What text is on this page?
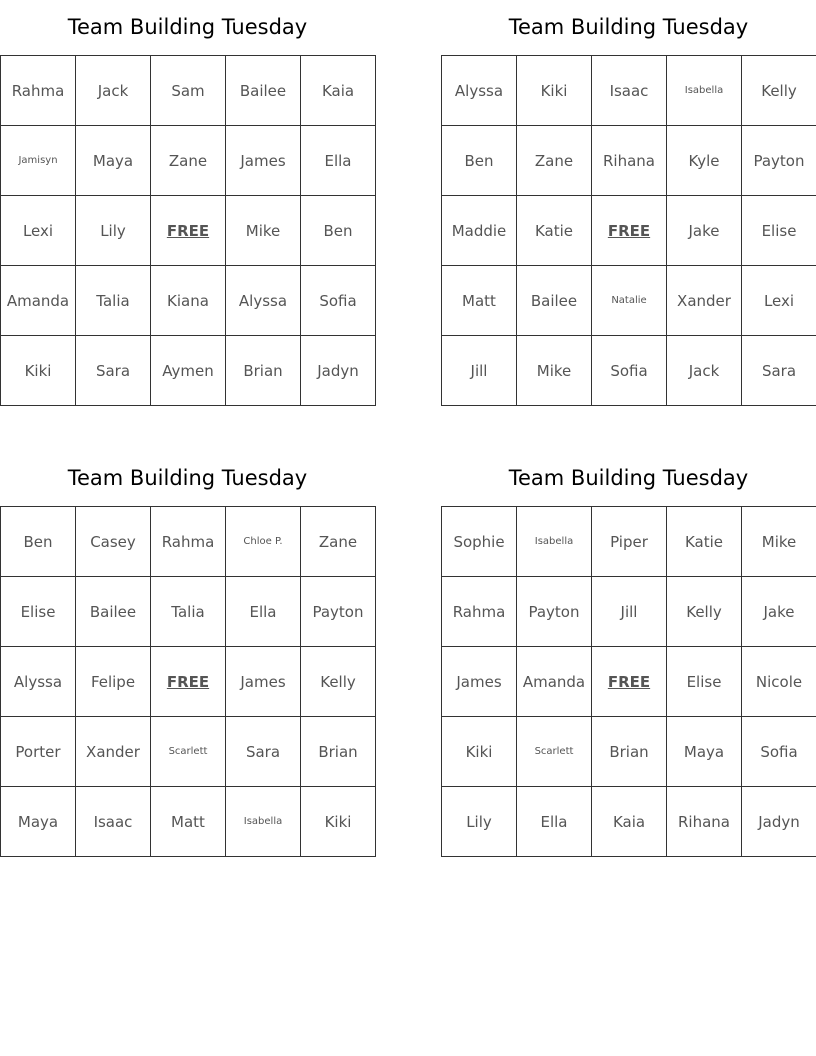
Team Building Tuesday
Rahma	Jack	Sam	Bailee	Kaia
Jamisyn	Maya	Zane	James	Ella
Lexi	Lily	FREE	Mike	Ben
Amanda	Talia	Kiana	Alyssa	Sofia
Kiki	Sara	Aymen	Brian	Jadyn
Team Building Tuesday
Alyssa	Kiki	Isaac	Isabella	Kelly
Ben	Zane	Rihana	Kyle	Payton
Maddie	Katie	FREE	Jake	Elise
Matt	Bailee	Natalie	Xander	Lexi
Jill	Mike	Sofia	Jack	Sara
Team Building Tuesday
Ben	Casey	Rahma	Chloe P.	Zane
Elise	Bailee	Talia	Ella	Payton
Alyssa	Felipe	FREE	James	Kelly
Porter	Xander	Scarlett	Sara	Brian
Maya	Isaac	Matt	Isabella	Kiki
Team Building Tuesday
Sophie	Isabella	Piper	Katie	Mike
Rahma	Payton	Jill	Kelly	Jake
James	Amanda	FREE	Elise	Nicole
Kiki	Scarlett	Brian	Maya	Sofia
Lily	Ella	Kaia	Rihana	Jadyn
